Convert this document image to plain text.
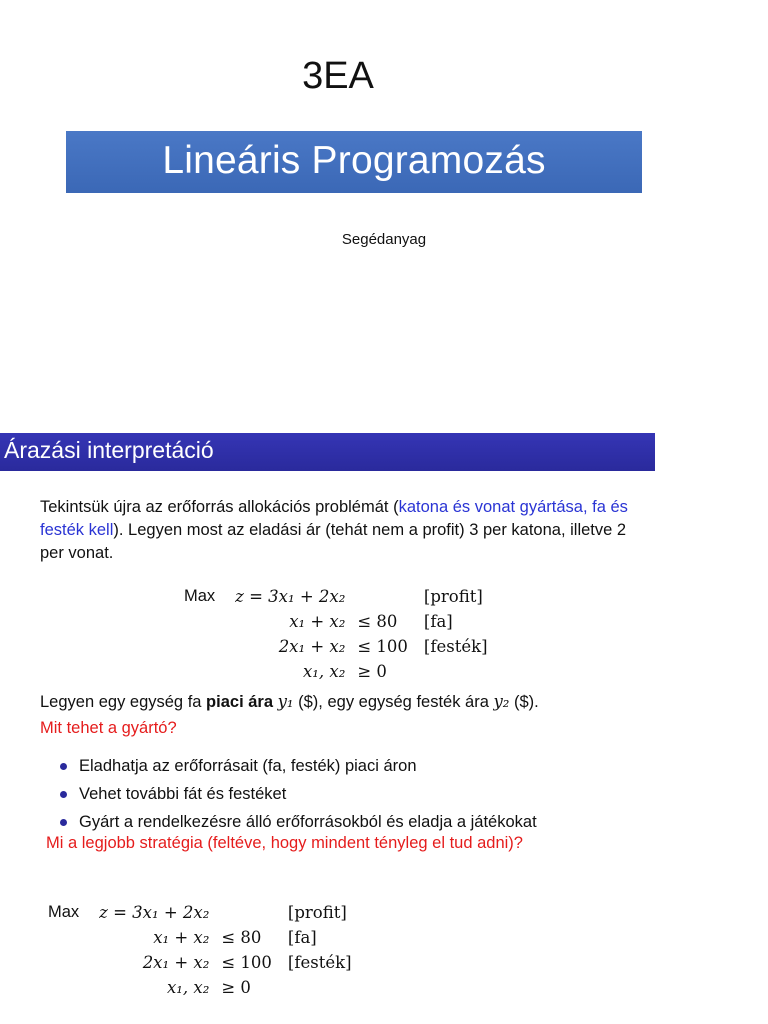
3EA
Lineáris Programozás
Segédanyag
Árazási interpretáció
Tekintsük újra az erőforrás allokációs problémát (katona és vonat gyártása, fa és festék kell). Legyen most az eladási ár (tehát nem a profit) 3 per katona, illetve 2 per vonat.
Max	z = 3x₁ + 2x₂		[profit]
	x₁ + x₂	≤ 80	[fa]
	2x₁ + x₂	≤ 100	[festék]
	x₁, x₂	≥ 0	
Legyen egy egység fa piaci ára y₁ ($), egy egység festék ára y₂ ($).
Mit tehet a gyártó?
Eladhatja az erőforrásait (fa, festék) piaci áron
Vehet további fát és festéket
Gyárt a rendelkezésre álló erőforrásokból és eladja a játékokat
Mi a legjobb stratégia (feltéve, hogy mindent tényleg el tud adni)?
Max	z = 3x₁ + 2x₂		[profit]
	x₁ + x₂	≤ 80	[fa]
	2x₁ + x₂	≤ 100	[festék]
	x₁, x₂	≥ 0	
